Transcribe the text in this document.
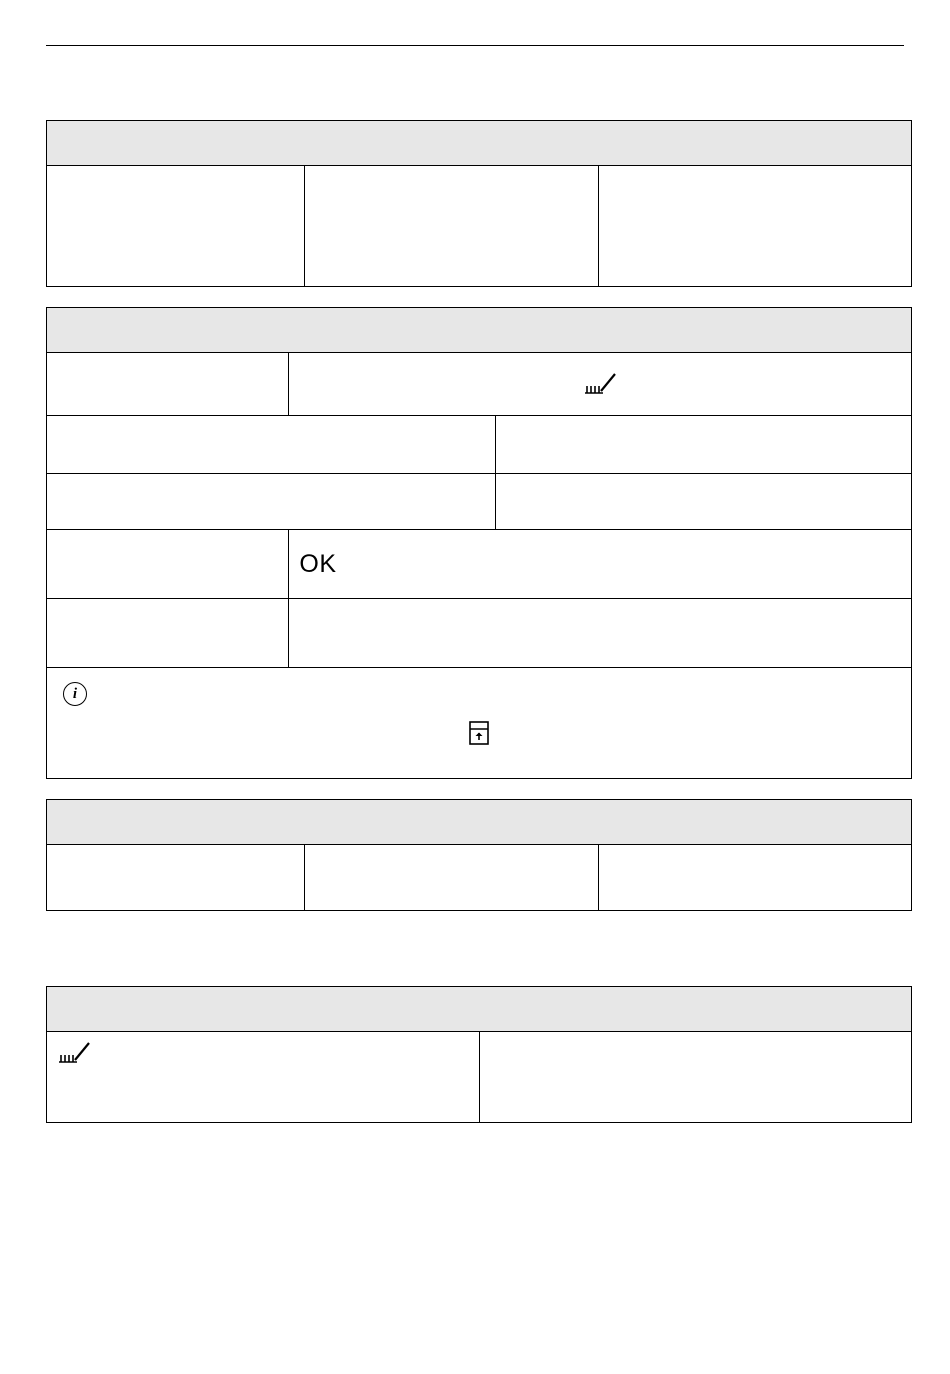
OK
i
